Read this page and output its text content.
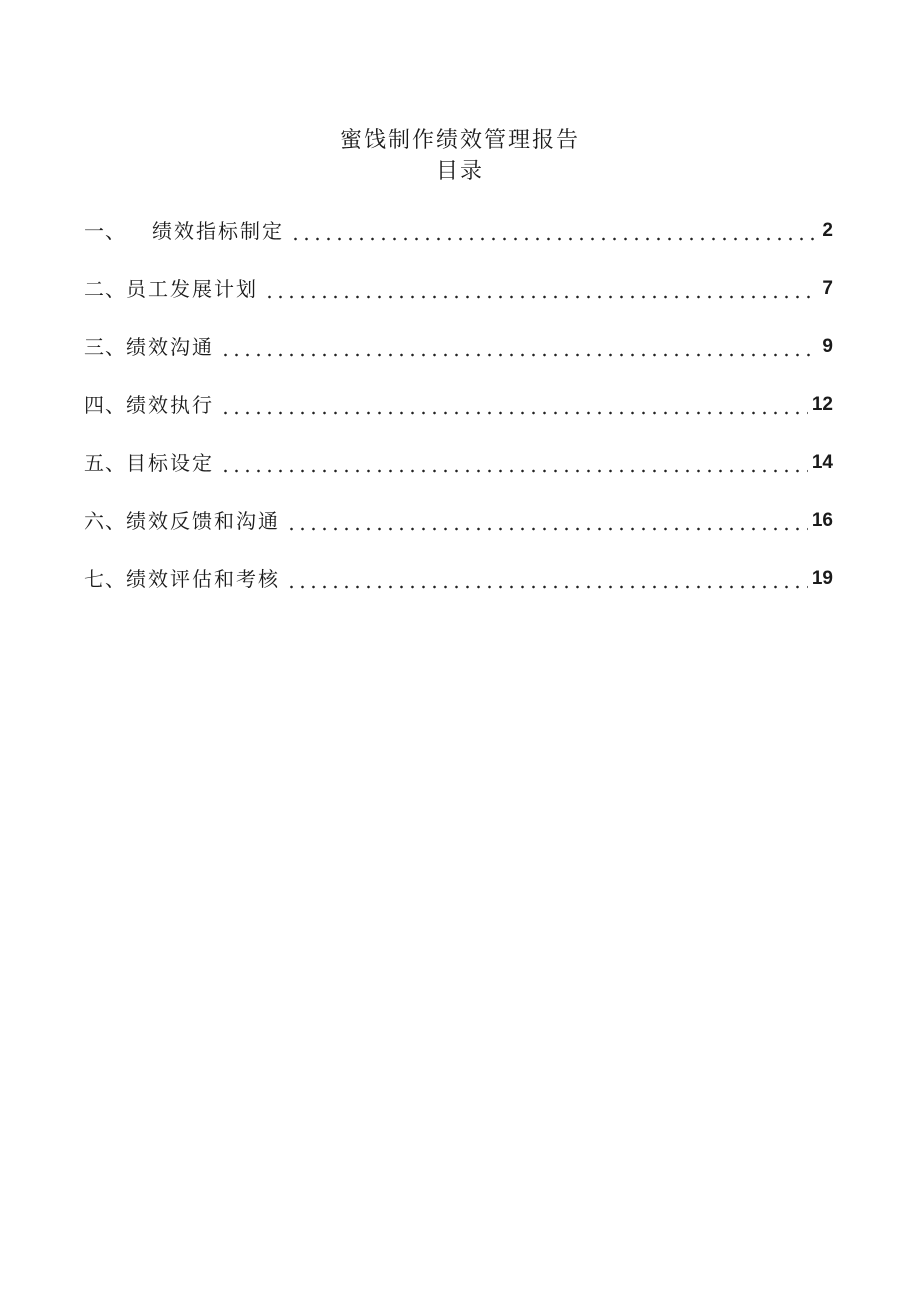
蜜饯制作绩效管理报告
目录
一、 绩效指标制定	2
二、 员工发展计划	7
三、 绩效沟通	9
四、 绩效执行	12
五、 目标设定	14
六、 绩效反馈和沟通	16
七、 绩效评估和考核	19
